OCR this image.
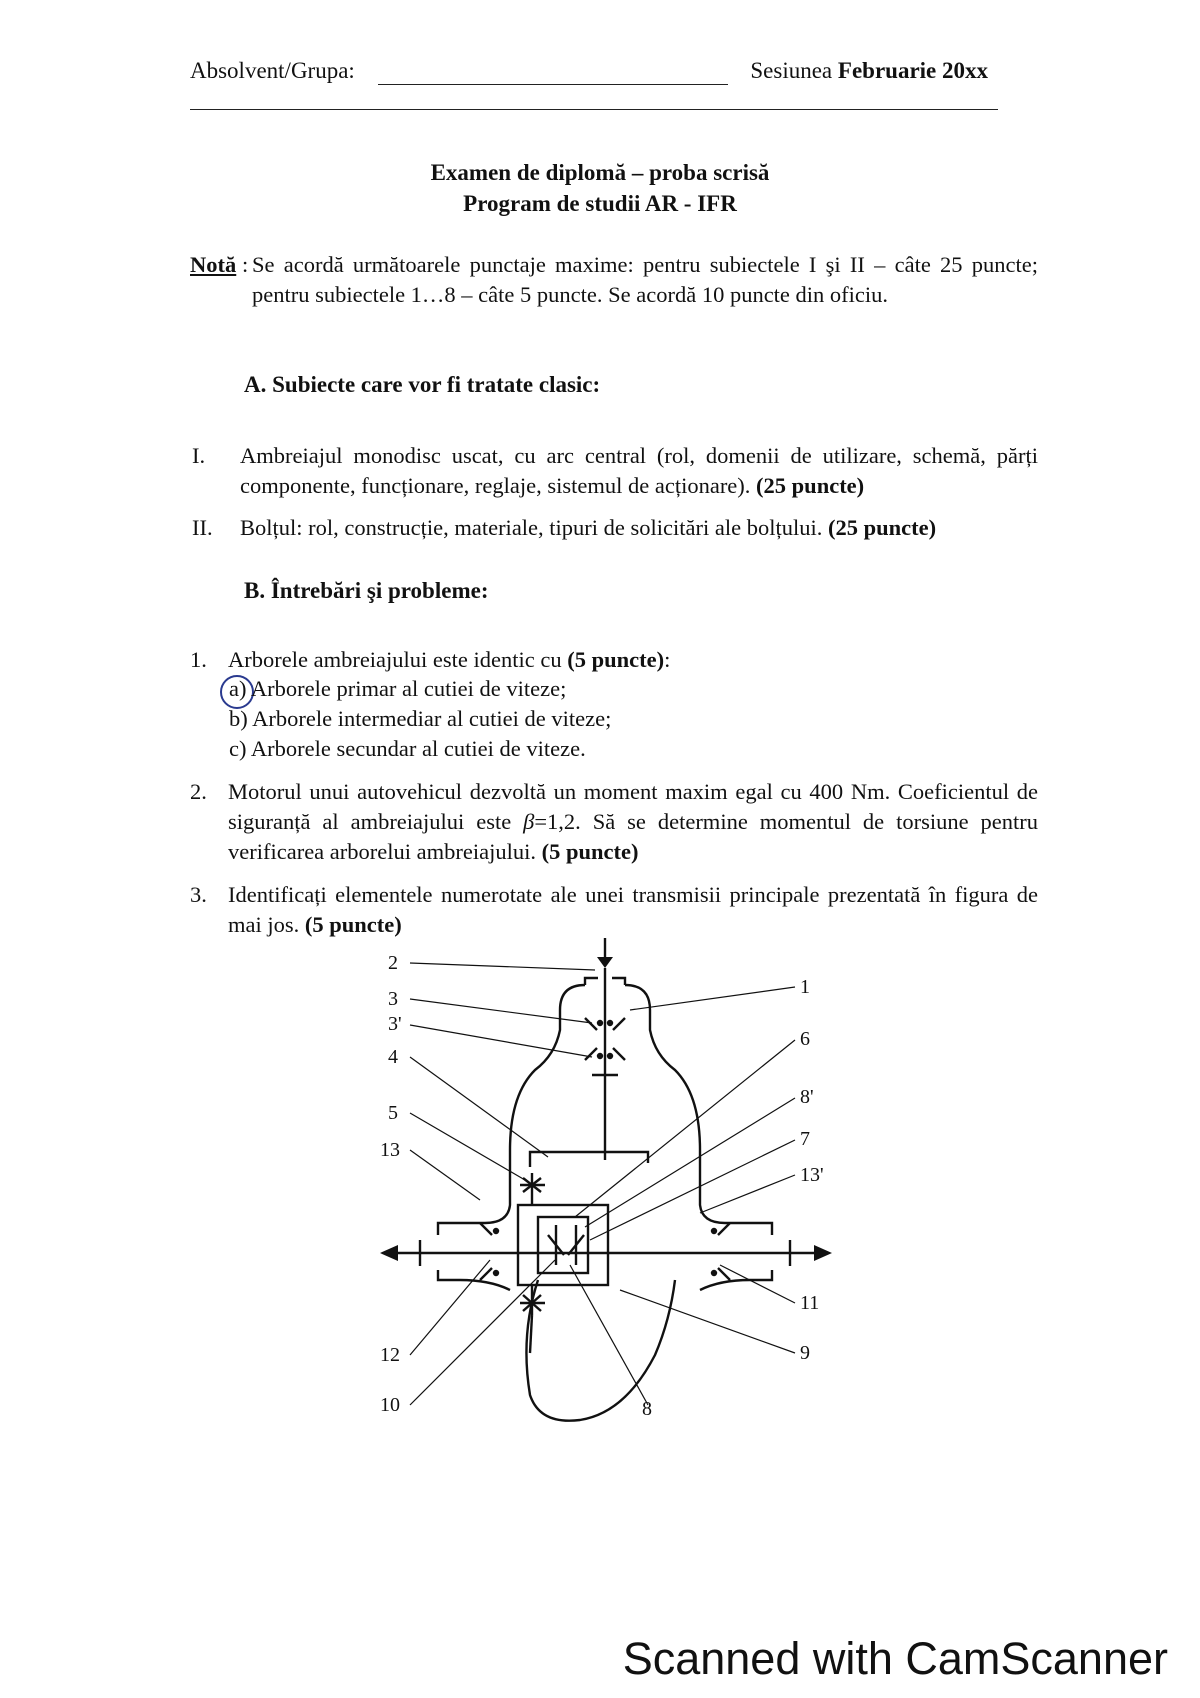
Absolvent/Grupa:	Sesiunea Februarie 20xx
Examen de diplomă – proba scrisă
Program de studii AR - IFR
Notă : Se acordă următoarele punctaje maxime: pentru subiectele I şi II – câte 25 puncte; pentru subiectele 1…8 – câte 5 puncte. Se acordă 10 puncte din oficiu.
A. Subiecte care vor fi tratate clasic:
I. Ambreiajul monodisc uscat, cu arc central (rol, domenii de utilizare, schemă, părți componente, funcționare, reglaje, sistemul de acționare). (25 puncte)
II. Bolțul: rol, construcție, materiale, tipuri de solicitări ale bolțului. (25 puncte)
B. Întrebări şi probleme:
1. Arborele ambreiajului este identic cu (5 puncte):
a) Arborele primar al cutiei de viteze;
b) Arborele intermediar al cutiei de viteze;
c) Arborele secundar al cutiei de viteze.
2. Motorul unui autovehicul dezvoltă un moment maxim egal cu 400 Nm. Coeficientul de siguranță al ambreiajului este β=1,2. Să se determine momentul de torsiune pentru verificarea arborelui ambreiajului. (5 puncte)
3. Identificați elementele numerotate ale unei transmisii principale prezentată în figura de mai jos. (5 puncte)
2
3
3'
4
5
13
12
10
1
6
8'
7
13'
11
9
8
Scanned with CamScanner
